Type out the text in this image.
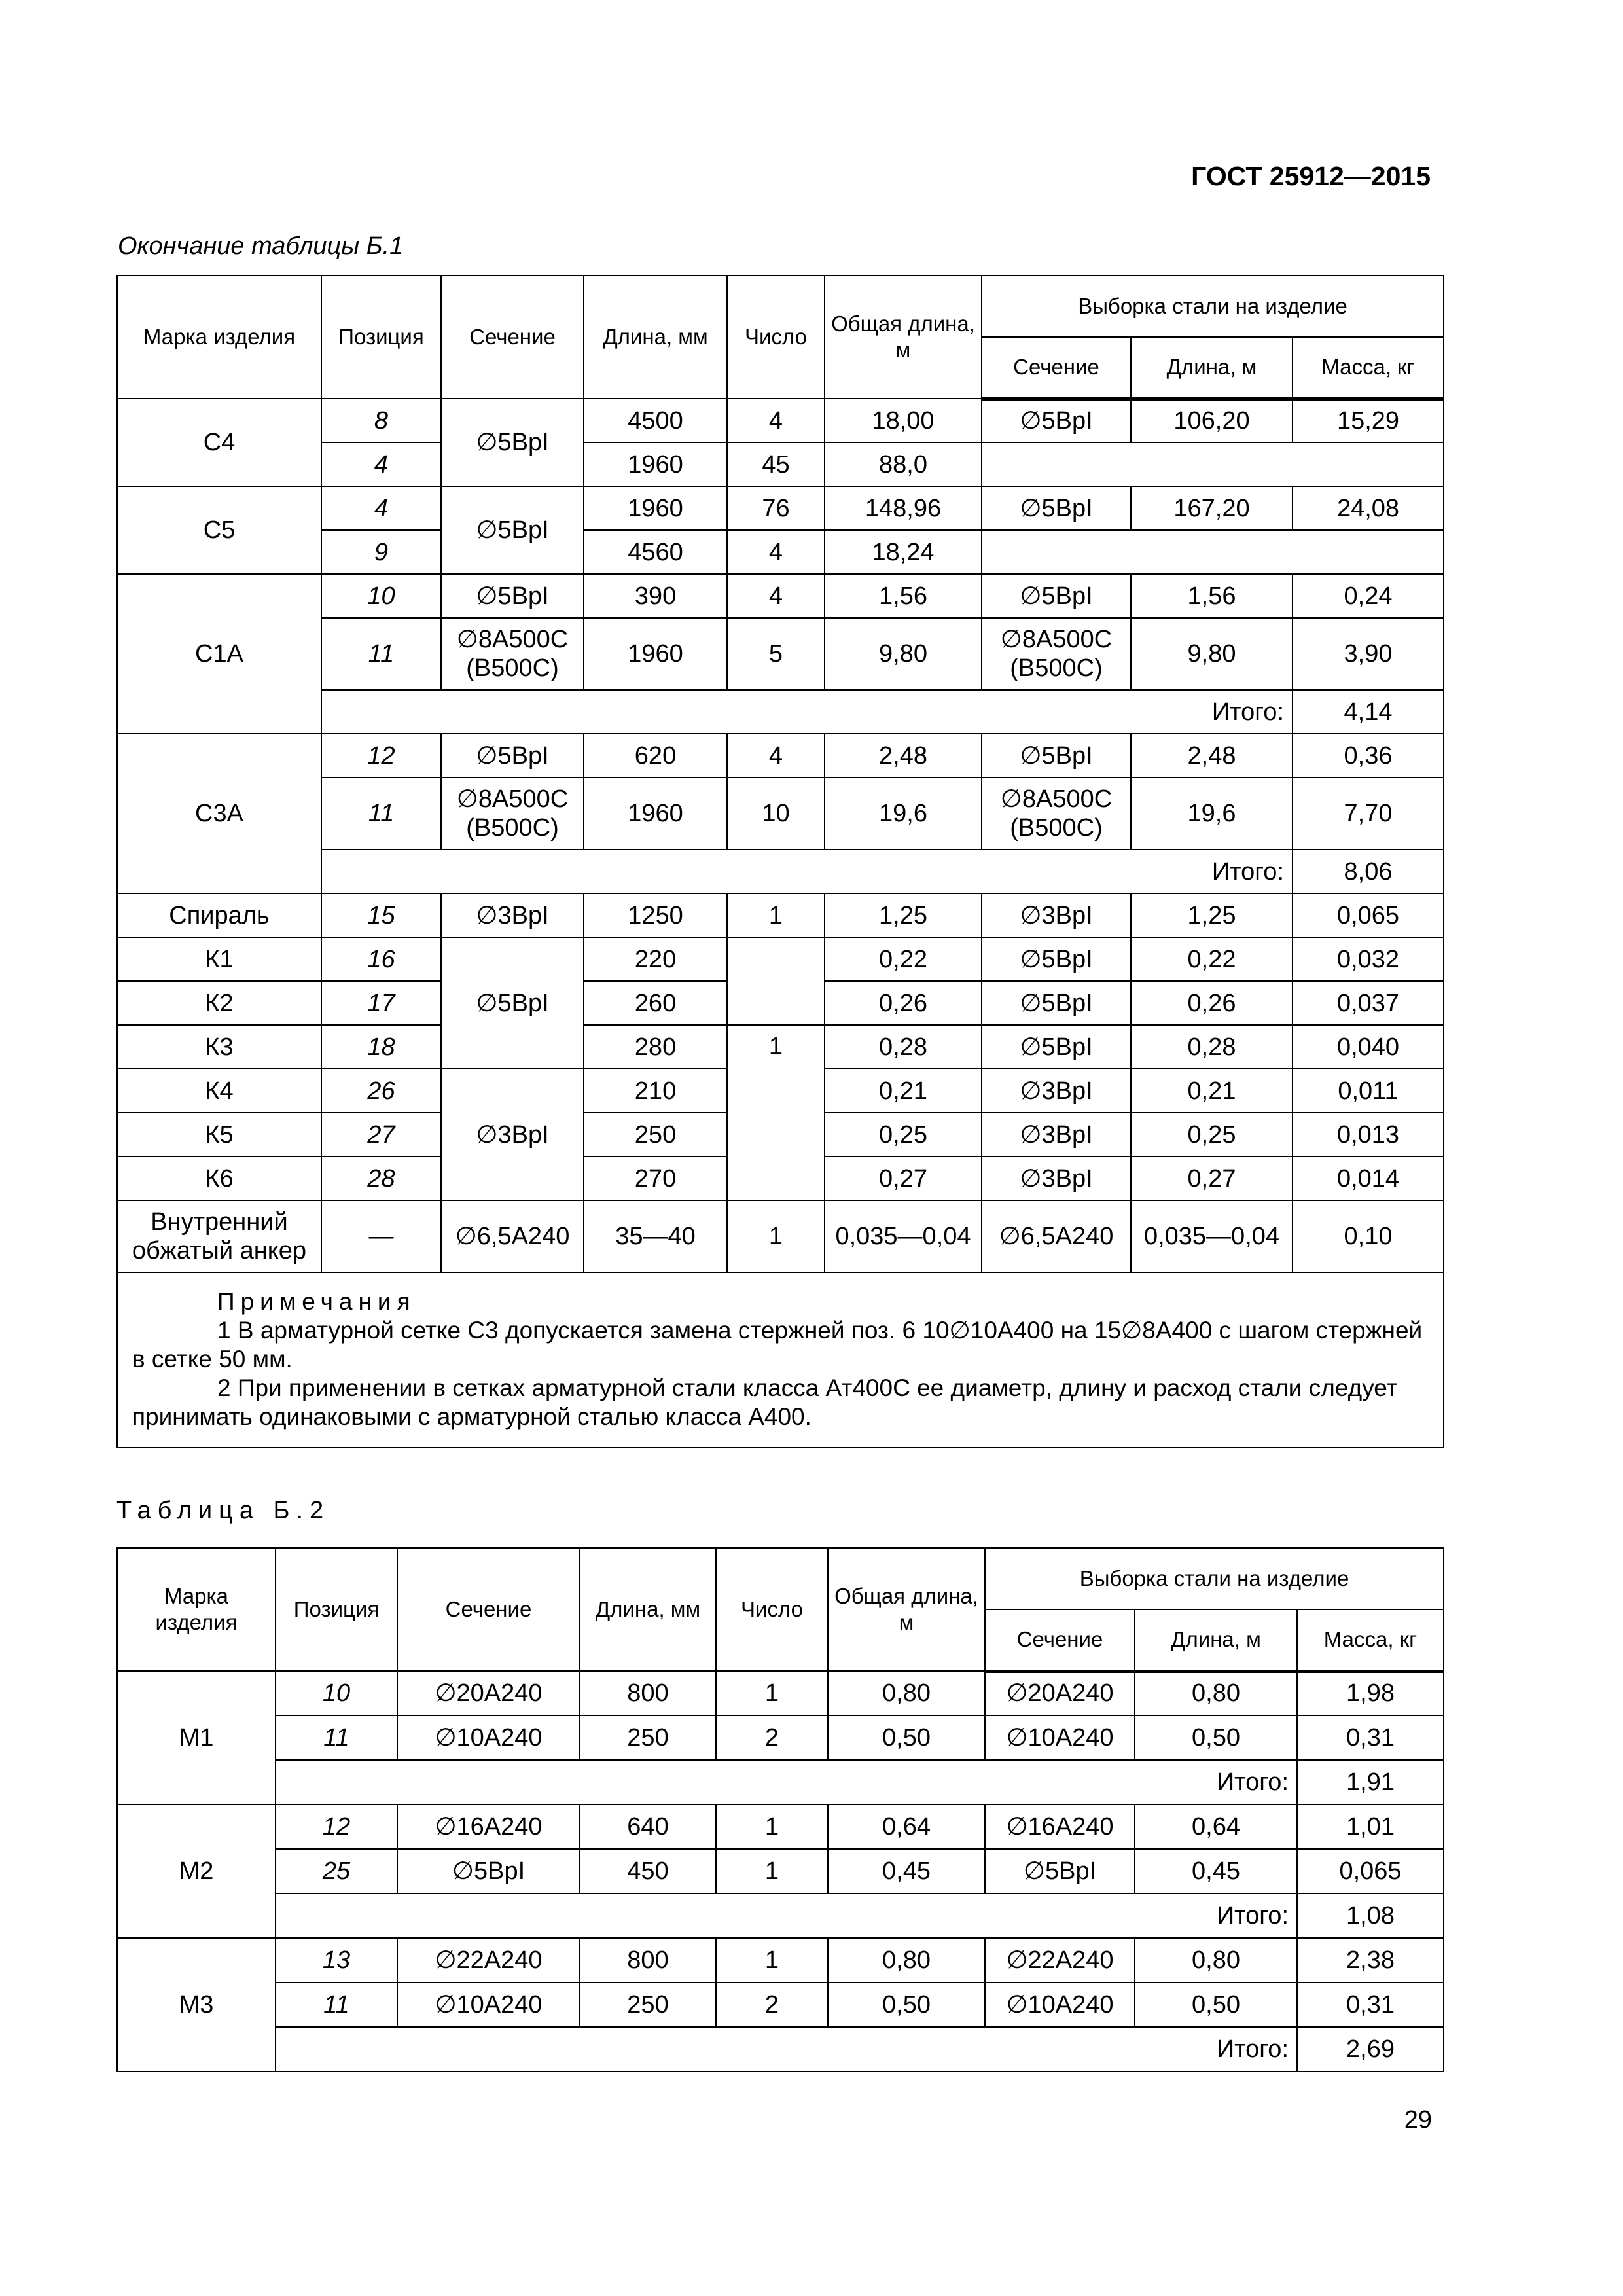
ГОСТ 25912—2015
Окончание таблицы Б.1
Марка изделия	Позиция	Сечение	Длина, мм	Число	Общая длина, м	Выборка стали на изделие		
						Сечение	Длина, м	Масса, кг

С4	8	∅5BpI	4500	4	18,00	∅5BpI	106,20	15,29
	4		1960	45	88,0			
С5	4	∅5BpI	1960	76	148,96	∅5BpI	167,20	24,08
	9		4560	4	18,24			
С1А	10	∅5BpI	390	4	1,56	∅5BpI	1,56	0,24
	11	∅8A500C (B500C)	1960	5	9,80	∅8A500C (B500C)	9,80	3,90
	Итого:							4,14
С3А	12	∅5BpI	620	4	2,48	∅5BpI	2,48	0,36
	11	∅8A500C (B500C)	1960	10	19,6	∅8A500C (B500C)	19,6	7,70
	Итого:							8,06
Спираль	15	∅3BpI	1250	1	1,25	∅3BpI	1,25	0,065
К1	16	∅5BpI	220		0,22	∅5BpI	0,22	0,032
К2	17		260		0,26	∅5BpI	0,26	0,037
К3	18		280	1	0,28	∅5BpI	0,28	0,040
К4	26	∅3BpI	210		0,21	∅3BpI	0,21	0,011
К5	27		250		0,25	∅3BpI	0,25	0,013
К6	28		270		0,27	∅3BpI	0,27	0,014
Внутренний обжатый анкер	—	∅6,5A240	35—40	1	0,035—0,04	∅6,5A240	0,035—0,04	0,10

Примечания
1 В арматурной сетке С3 допускается замена стержней поз. 6 10∅10A400 на 15∅8A400 с шагом стержней в сетке 50 мм.
2 При применении в сетках арматурной стали класса Ат400С ее диаметр, длину и расход стали следует принимать одинаковыми с арматурной сталью класса А400.								
Таблица Б.2
Марка изделия	Позиция	Сечение	Длина, мм	Число	Общая длина, м	Выборка стали на изделие		
						Сечение	Длина, м	Масса, кг

М1	10	∅20A240	800	1	0,80	∅20A240	0,80	1,98
	11	∅10A240	250	2	0,50	∅10A240	0,50	0,31
	Итого:							1,91
М2	12	∅16A240	640	1	0,64	∅16A240	0,64	1,01
	25	∅5BpI	450	1	0,45	∅5BpI	0,45	0,065
	Итого:							1,08
М3	13	∅22A240	800	1	0,80	∅22A240	0,80	2,38
	11	∅10A240	250	2	0,50	∅10A240	0,50	0,31
	Итого:							2,69
29
